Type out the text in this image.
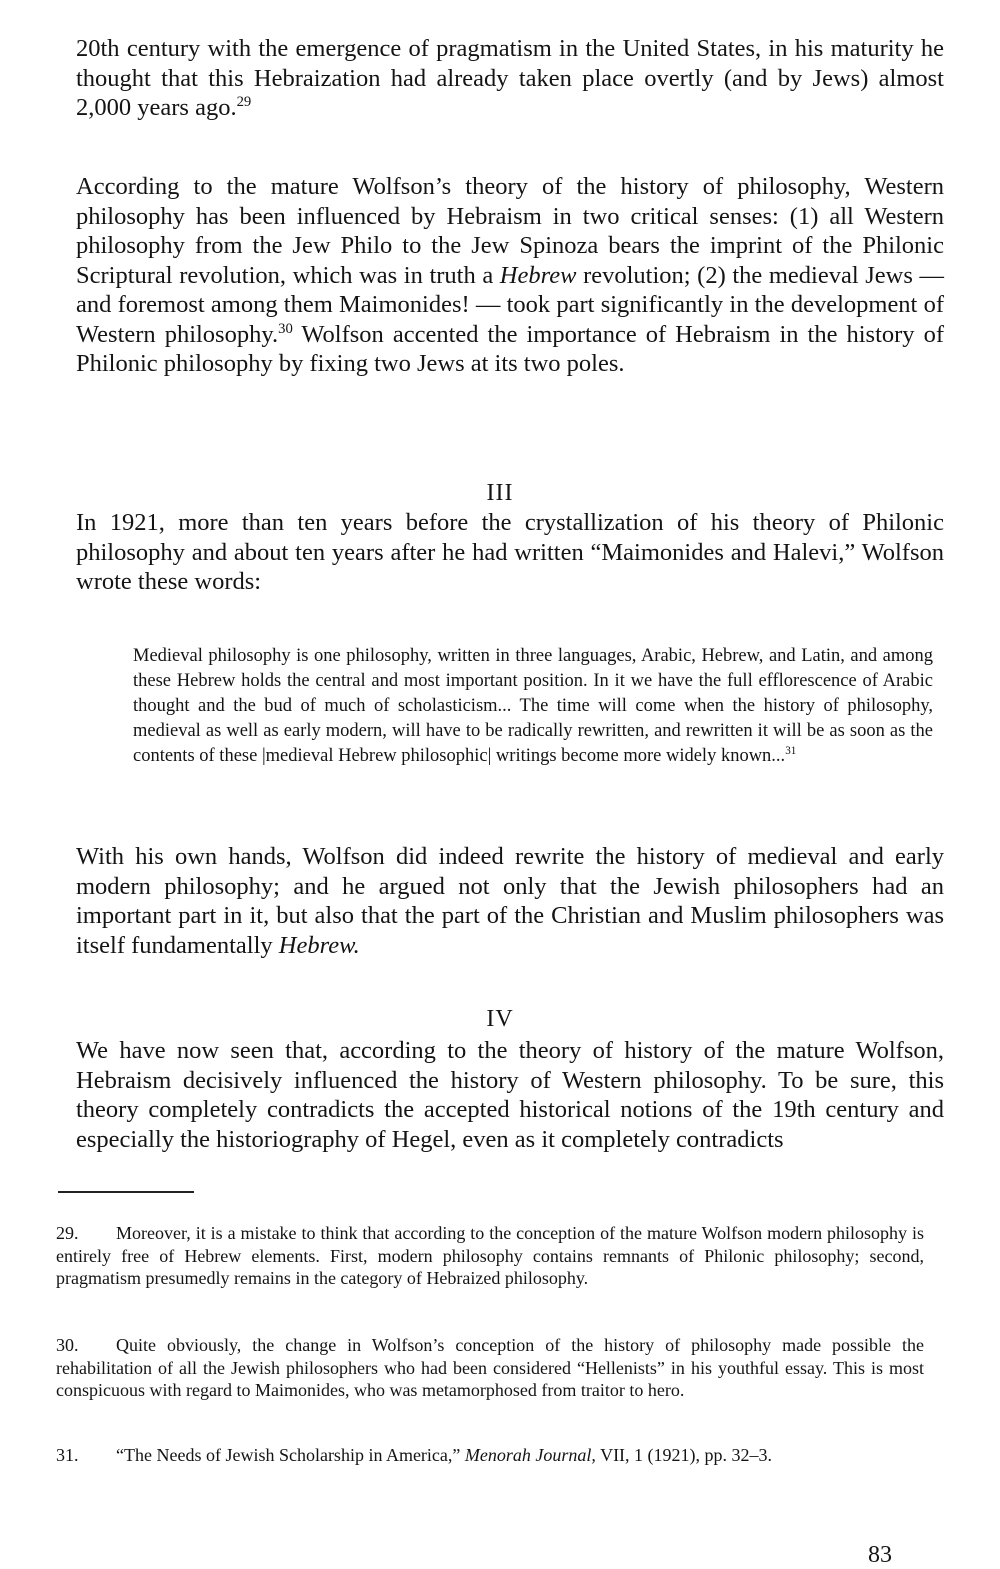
20th century with the emergence of pragmatism in the United States, in his maturity he thought that this Hebraization had already taken place overtly (and by Jews) almost 2,000 years ago.$^{29}$

According to the mature Wolfson’s theory of the history of philosophy, Western philosophy has been influenced by Hebraism in two critical senses: (1) all Western philosophy from the Jew Philo to the Jew Spinoza bears the imprint of the Philonic Scriptural revolution, which was in truth a Hebrew revolution; (2) the medieval Jews — and foremost among them Maimonides! — took part significantly in the development of Western philosophy.$^{30}$ Wolfson accented the importance of Hebraism in the history of Philonic philosophy by fixing two Jews at its two poles.

III

In 1921, more than ten years before the crystallization of his theory of Philonic philosophy and about ten years after he had written “Maimonides and Halevi,” Wolfson wrote these words:

Medieval philosophy is one philosophy, written in three languages, Arabic, Hebrew, and Latin, and among these Hebrew holds the central and most important position. In it we have the full efflorescence of Arabic thought and the bud of much of scholasticism... The time will come when the history of philosophy, medieval as well as early modern, will have to be radically rewritten, and rewritten it will be as soon as the contents of these |medieval Hebrew philosophic| writings become more widely known...$^{31}$

With his own hands, Wolfson did indeed rewrite the history of medieval and early modern philosophy; and he argued not only that the Jewish philosophers had an important part in it, but also that the part of the Christian and Muslim philosophers was itself fundamentally Hebrew.

IV

We have now seen that, according to the theory of history of the mature Wolfson, Hebraism decisively influenced the history of Western philosophy. To be sure, this theory completely contradicts the accepted historical notions of the 19th century and especially the historiography of Hegel, even as it completely contradicts

29. Moreover, it is a mistake to think that according to the conception of the mature Wolfson modern philosophy is entirely free of Hebrew elements. First, modern philosophy contains remnants of Philonic philosophy; second, pragmatism presumedly remains in the category of Hebraized philosophy.

30. Quite obviously, the change in Wolfson’s conception of the history of philosophy made possible the rehabilitation of all the Jewish philosophers who had been considered “Hellenists” in his youthful essay. This is most conspicuous with regard to Maimonides, who was metamorphosed from traitor to hero.

31. “The Needs of Jewish Scholarship in America,” Menorah Journal, VII, 1 (1921), pp. 32–3.

83
